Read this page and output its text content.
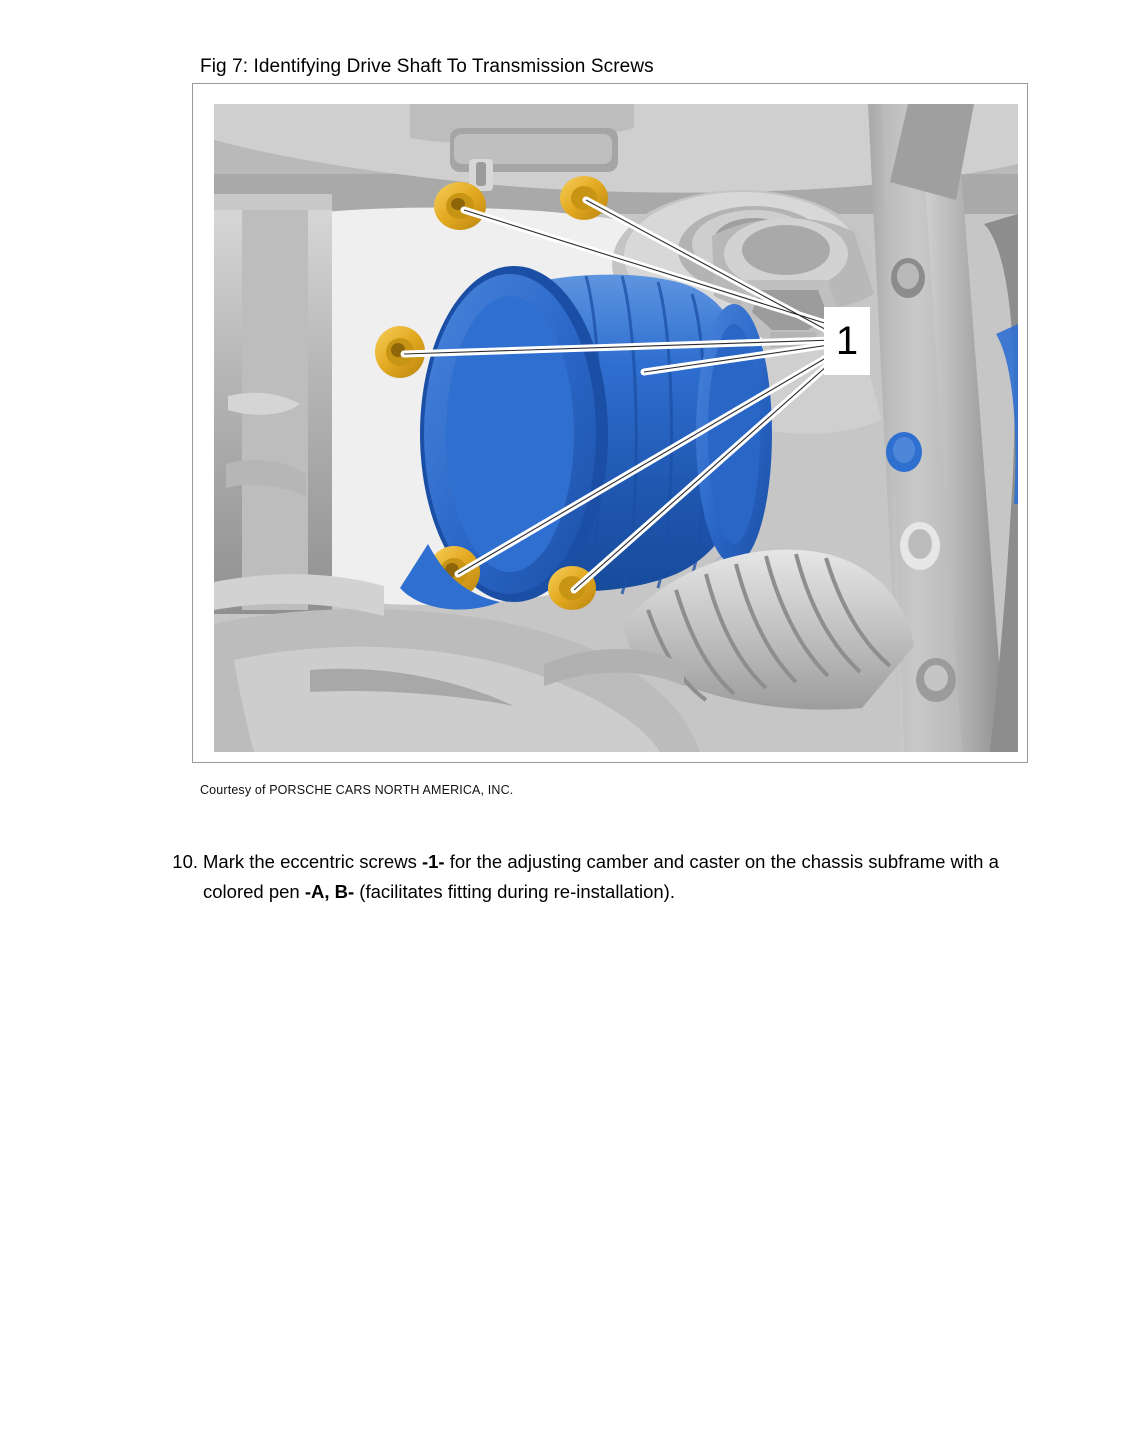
Fig 7: Identifying Drive Shaft To Transmission Screws
1
Courtesy of PORSCHE CARS NORTH AMERICA, INC.
10. Mark the eccentric screws -1- for the adjusting camber and caster on the chassis subframe with a colored pen -A, B- (facilitates fitting during re-installation).
